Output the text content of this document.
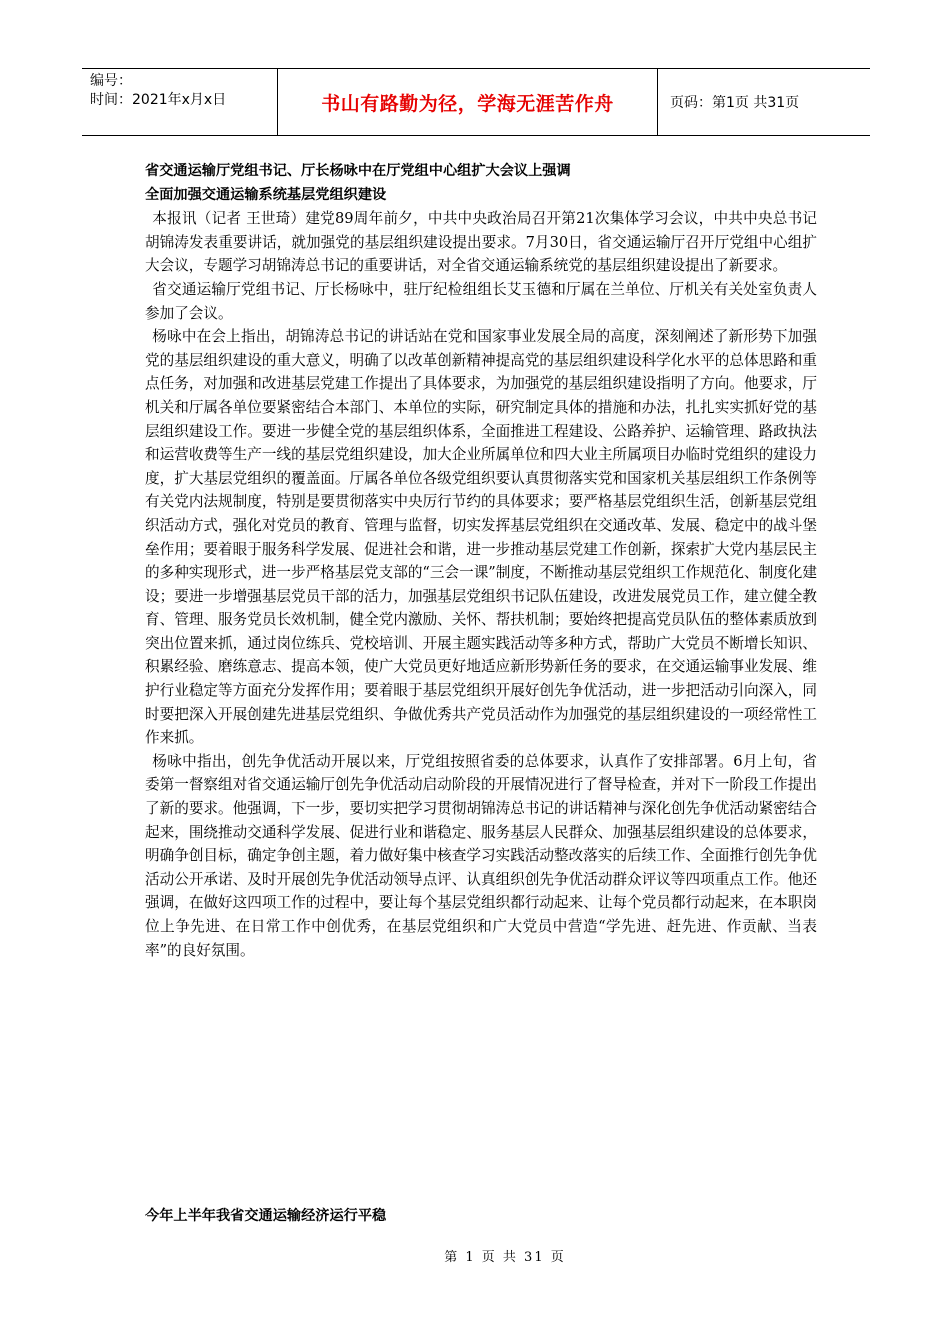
编号：
时间：2021年x月x日	书山有路勤为径，学海无涯苦作舟	页码：第1页 共31页

省交通运输厅党组书记、厅长杨咏中在厅党组中心组扩大会议上强调

全面加强交通运输系统基层党组织建设

本报讯（记者 王世琦）建党89周年前夕，中共中央政治局召开第21次集体学习会议，中共中央总书记胡锦涛发表重要讲话，就加强党的基层组织建设提出要求。7月30日，省交通运输厅召开厅党组中心组扩大会议，专题学习胡锦涛总书记的重要讲话，对全省交通运输系统党的基层组织建设提出了新要求。

省交通运输厅党组书记、厅长杨咏中，驻厅纪检组组长艾玉德和厅属在兰单位、厅机关有关处室负责人参加了会议。

杨咏中在会上指出，胡锦涛总书记的讲话站在党和国家事业发展全局的高度，深刻阐述了新形势下加强党的基层组织建设的重大意义，明确了以改革创新精神提高党的基层组织建设科学化水平的总体思路和重点任务，对加强和改进基层党建工作提出了具体要求，为加强党的基层组织建设指明了方向。他要求，厅机关和厅属各单位要紧密结合本部门、本单位的实际，研究制定具体的措施和办法，扎扎实实抓好党的基层组织建设工作。要进一步健全党的基层组织体系，全面推进工程建设、公路养护、运输管理、路政执法和运营收费等生产一线的基层党组织建设，加大企业所属单位和四大业主所属项目办临时党组织的建设力度，扩大基层党组织的覆盖面。厅属各单位各级党组织要认真贯彻落实党和国家机关基层组织工作条例等有关党内法规制度，特别是要贯彻落实中央厉行节约的具体要求；要严格基层党组织生活，创新基层党组织活动方式，强化对党员的教育、管理与监督，切实发挥基层党组织在交通改革、发展、稳定中的战斗堡垒作用；要着眼于服务科学发展、促进社会和谐，进一步推动基层党建工作创新，探索扩大党内基层民主的多种实现形式，进一步严格基层党支部的“三会一课”制度，不断推动基层党组织工作规范化、制度化建设；要进一步增强基层党员干部的活力，加强基层党组织书记队伍建设，改进发展党员工作，建立健全教育、管理、服务党员长效机制，健全党内激励、关怀、帮扶机制；要始终把提高党员队伍的整体素质放到突出位置来抓，通过岗位练兵、党校培训、开展主题实践活动等多种方式，帮助广大党员不断增长知识、积累经验、磨练意志、提高本领，使广大党员更好地适应新形势新任务的要求，在交通运输事业发展、维护行业稳定等方面充分发挥作用；要着眼于基层党组织开展好创先争优活动，进一步把活动引向深入，同时要把深入开展创建先进基层党组织、争做优秀共产党员活动作为加强党的基层组织建设的一项经常性工作来抓。

杨咏中指出，创先争优活动开展以来，厅党组按照省委的总体要求，认真作了安排部署。6月上旬，省委第一督察组对省交通运输厅创先争优活动启动阶段的开展情况进行了督导检查，并对下一阶段工作提出了新的要求。他强调，下一步，要切实把学习贯彻胡锦涛总书记的讲话精神与深化创先争优活动紧密结合起来，围绕推动交通科学发展、促进行业和谐稳定、服务基层人民群众、加强基层组织建设的总体要求，明确争创目标，确定争创主题，着力做好集中核查学习实践活动整改落实的后续工作、全面推行创先争优活动公开承诺、及时开展创先争优活动领导点评、认真组织创先争优活动群众评议等四项重点工作。他还强调，在做好这四项工作的过程中，要让每个基层党组织都行动起来、让每个党员都行动起来，在本职岗位上争先进、在日常工作中创优秀，在基层党组织和广大党员中营造“学先进、赶先进、作贡献、当表率”的良好氛围。

今年上半年我省交通运输经济运行平稳
第 1 页 共 31 页
